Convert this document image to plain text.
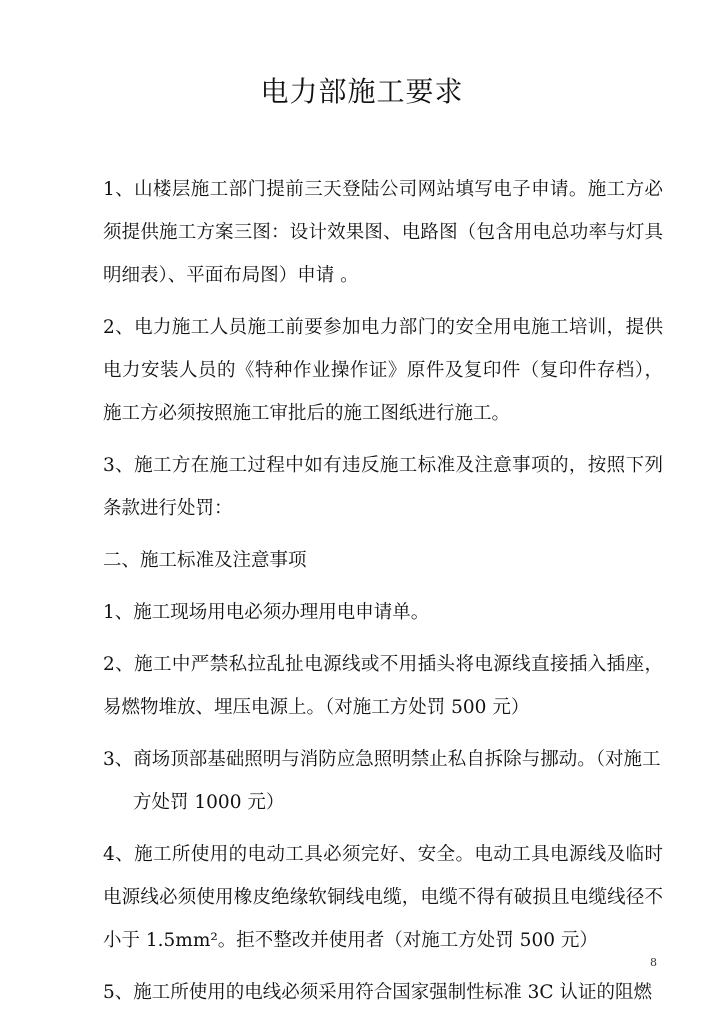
电力部施工要求

1、山楼层施工部门提前三天登陆公司网站填写电子申请。施工方必须提供施工方案三图：设计效果图、电路图（包含用电总功率与灯具明细表）、平面布局图）申请 。

2、电力施工人员施工前要参加电力部门的安全用电施工培训，提供电力安装人员的《特种作业操作证》原件及复印件（复印件存档），施工方必须按照施工审批后的施工图纸进行施工。

3、施工方在施工过程中如有违反施工标准及注意事项的，按照下列条款进行处罚：

二、施工标准及注意事项

1、施工现场用电必须办理用电申请单。

2、施工中严禁私拉乱扯电源线或不用插头将电源线直接插入插座，易燃物堆放、埋压电源上。（对施工方处罚 500 元）

3、商场顶部基础照明与消防应急照明禁止私自拆除与挪动。（对施工

方处罚 1000 元）

4、施工所使用的电动工具必须完好、安全。电动工具电源线及临时电源线必须使用橡皮绝缘软铜线电缆，电缆不得有破损且电缆线径不小于 1.5mm²。拒不整改并使用者（对施工方处罚 500 元）

5、施工所使用的电线必须采用符合国家强制性标准 3C 认证的阻燃

8
